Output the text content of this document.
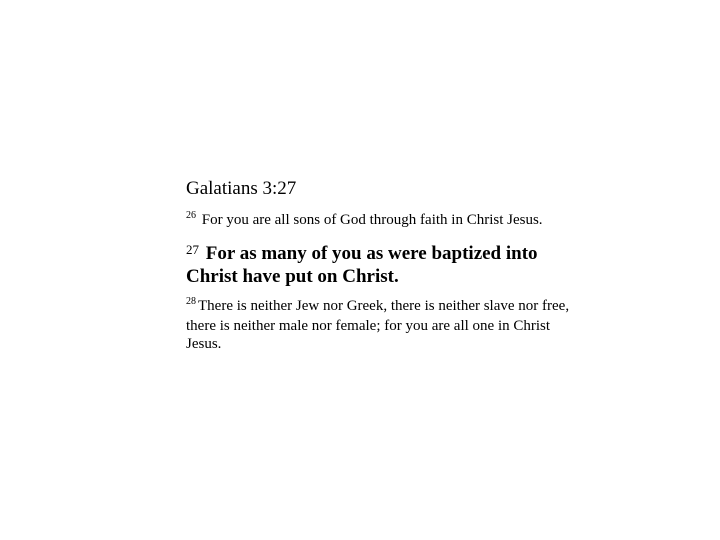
Galatians 3:27

$^{26}$ For you are all sons of God through faith in Christ Jesus.

$^{27}$ For as many of you as were baptized into Christ have put on Christ.

$^{28}$ There is neither Jew nor Greek, there is neither slave nor free, there is neither male nor female; for you are all one in Christ Jesus.
